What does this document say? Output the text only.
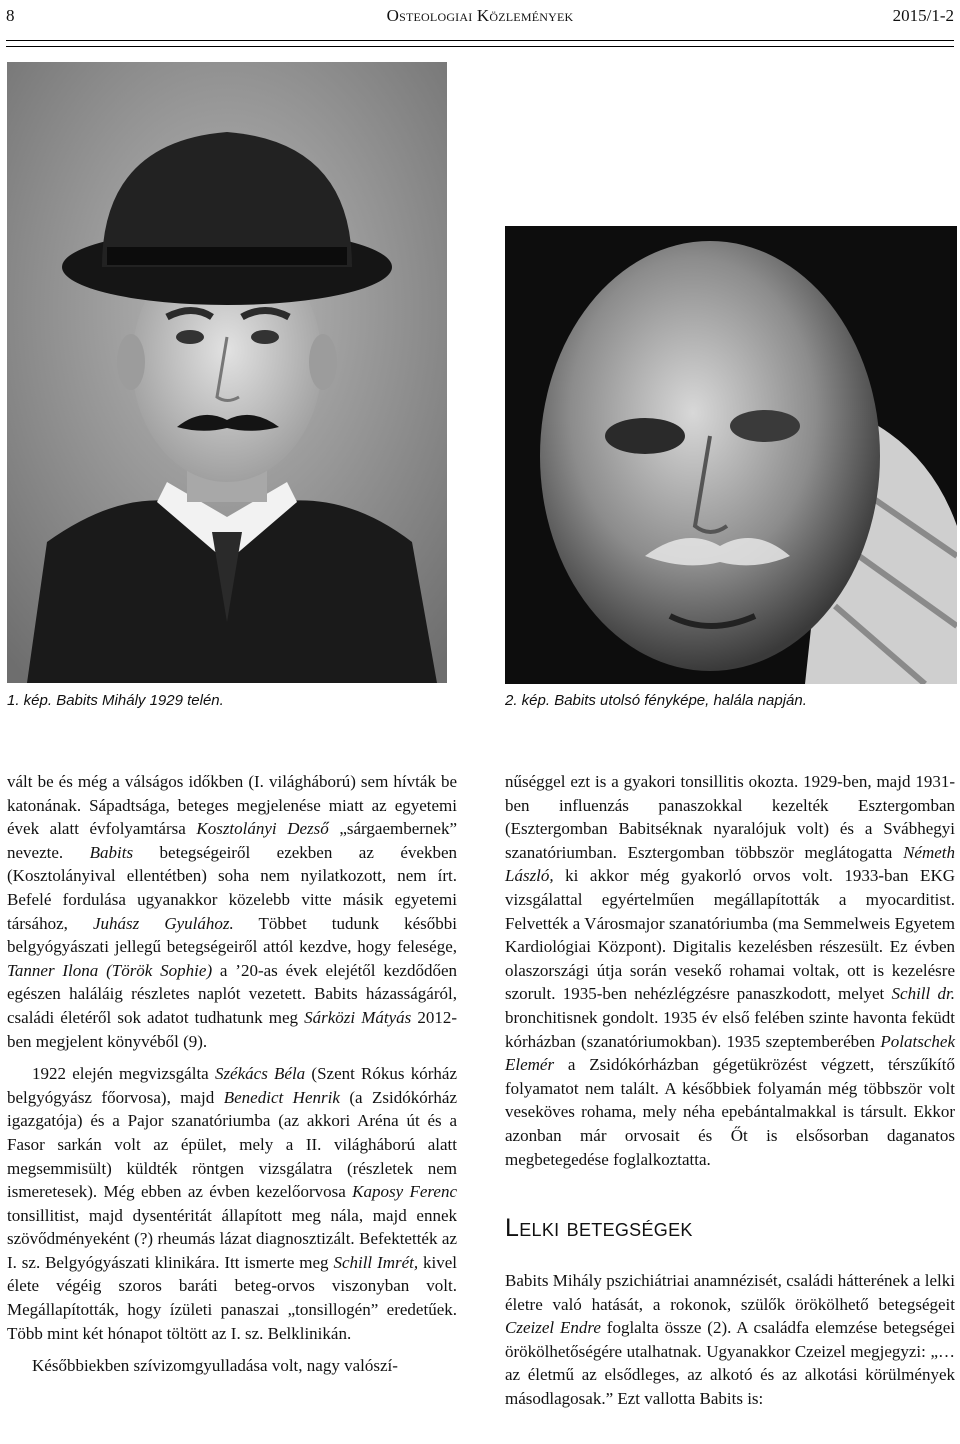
8	Osteologiai Közlemények	2015/1-2
1. kép. Babits Mihály 1929 telén.	2. kép. Babits utolsó fényképe, halála napján.

vált be és még a válságos időkben (I. világháború) sem hívták be katonának. Sápadtsága, beteges megjelenése miatt az egyetemi évek alatt évfolyamtársa Kosztolányi Dezső „sárgaembernek” nevezte. Babits betegségeiről ezekben az években (Kosztolányival ellentétben) soha nem nyilatkozott, nem írt. Befelé fordulása ugyanakkor közelebb vitte másik egyetemi társához, Juhász Gyulához. Többet tudunk későbbi belgyógyászati jellegű betegségeiről attól kezdve, hogy felesége, Tanner Ilona (Török Sophie) a ’20-as évek elejétől kezdődően egészen haláláig részletes naplót vezetett. Babits házasságáról, családi életéről sok adatot tudhatunk meg Sárközi Mátyás 2012-ben megjelent könyvéből (9).

1922 elején megvizsgálta Székács Béla (Szent Rókus kórház belgyógyász főorvosa), majd Benedict Henrik (a Zsidókórház igazgatója) és a Pajor szanatóriumba (az akkori Aréna út és a Fasor sarkán volt az épület, mely a II. világháború alatt megsemmisült) küldték röntgen vizsgálatra (részletek nem ismeretesek). Még ebben az évben kezelőorvosa Kaposy Ferenc tonsillitist, majd dysentéritát állapított meg nála, majd ennek szövődményeként (?) rheumás lázat diagnosztizált. Befektették az I. sz. Belgyógyászati klinikára. Itt ismerte meg Schill Imrét, kivel élete végéig szoros baráti beteg-orvos viszonyban volt. Megállapították, hogy ízületi panaszai „tonsillogén” eredetűek. Több mint két hónapot töltött az I. sz. Belklinikán.

Későbbiekben szívizomgyulladása volt, nagy valószí-

nűséggel ezt is a gyakori tonsillitis okozta. 1929-ben, majd 1931-ben influenzás panaszokkal kezelték Esztergomban (Esztergomban Babitséknak nyaralójuk volt) és a Svábhegyi szanatóriumban. Esztergomban többször meglátogatta Németh László, ki akkor még gyakorló orvos volt. 1933-ban EKG vizsgálattal egyértelműen megállapították a myocarditist. Felvették a Városmajor szanatóriumba (ma Semmelweis Egyetem Kardiológiai Központ). Digitalis kezelésben részesült. Ez évben olaszországi útja során vesekő rohamai voltak, ott is kezelésre szorult. 1935-ben nehézlégzésre panaszkodott, melyet Schill dr. bronchitisnek gondolt. 1935 év első felében szinte havonta feküdt kórházban (szanatóriumokban). 1935 szeptemberében Polatschek Elemér a Zsidókórházban gégetükrözést végzett, térszűkítő folyamatot nem talált. A későbbiek folyamán még többször volt veseköves rohama, mely néha epebántalmakkal is társult. Ekkor azonban már orvosait és Őt is elsősorban daganatos megbetegedése foglalkoztatta.

Lelki betegségek

Babits Mihály pszichiátriai anamnézisét, családi hátterének a lelki életre való hatását, a rokonok, szülők örökölhető betegségeit Czeizel Endre foglalta össze (2). A családfa elemzése betegségei örökölhetőségére utalhatnak. Ugyanakkor Czeizel megjegyzi: „… az életmű az elsődleges, az alkotó és az alkotási körülmények másodlagosak.” Ezt vallotta Babits is:
